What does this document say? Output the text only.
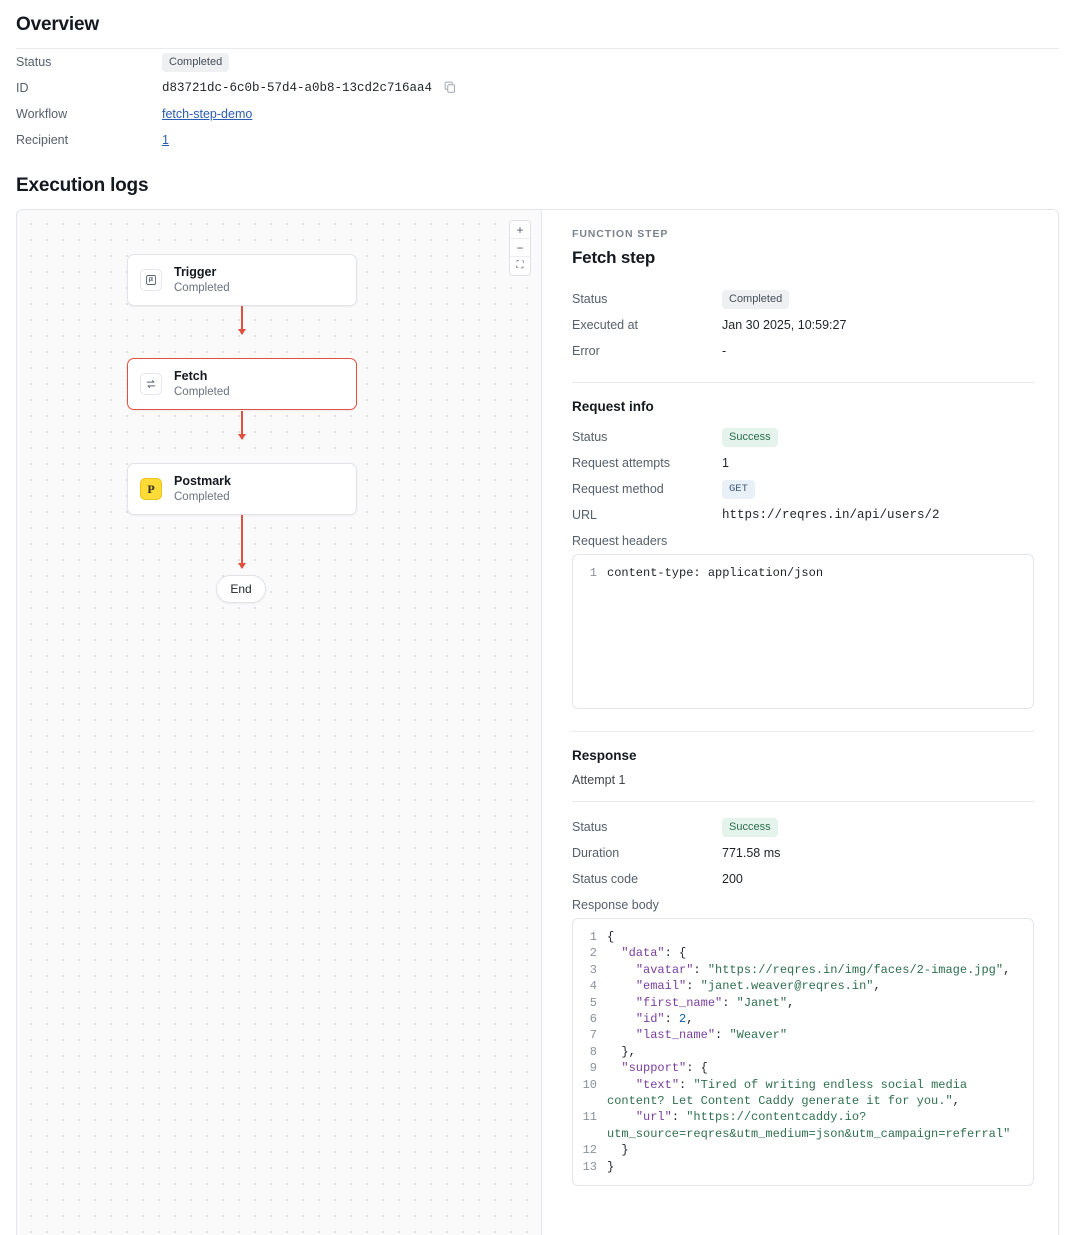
Overview
Status	Completed
ID	d83721dc-6c0b-57d4-a0b8-13cd2c716aa4
Workflow	fetch-step-demo
Recipient	1
Execution logs
+
−
⛶
Trigger
Completed
Fetch
Completed
P
Postmark
Completed
End
FUNCTION STEP
Fetch step
Status	Completed
Executed at	Jan 30 2025, 10:59:27
Error	-
Request info
Status	Success
Request attempts	1
Request method	GET
URL	https://reqres.in/api/users/2
Request headers	
1 content-type: application/json
Response
Attempt 1
Status	Success
Duration	771.58 ms
Status code	200
Response body	
1 {
2	"data": {
3	"avatar": "https://reqres.in/img/faces/2-image.jpg",
4	"email": "janet.weaver@reqres.in",
5	"first_name": "Janet",
6	"id": 2,
7	"last_name": "Weaver"
8 },
9	"support": {
10	"text": "Tired of writing endless social media content? Let Content Caddy generate it for you.",
11	"url": "https://contentcaddy.io?utm_source=reqres&utm_medium=json&utm_campaign=referral"
12 }
13 }
